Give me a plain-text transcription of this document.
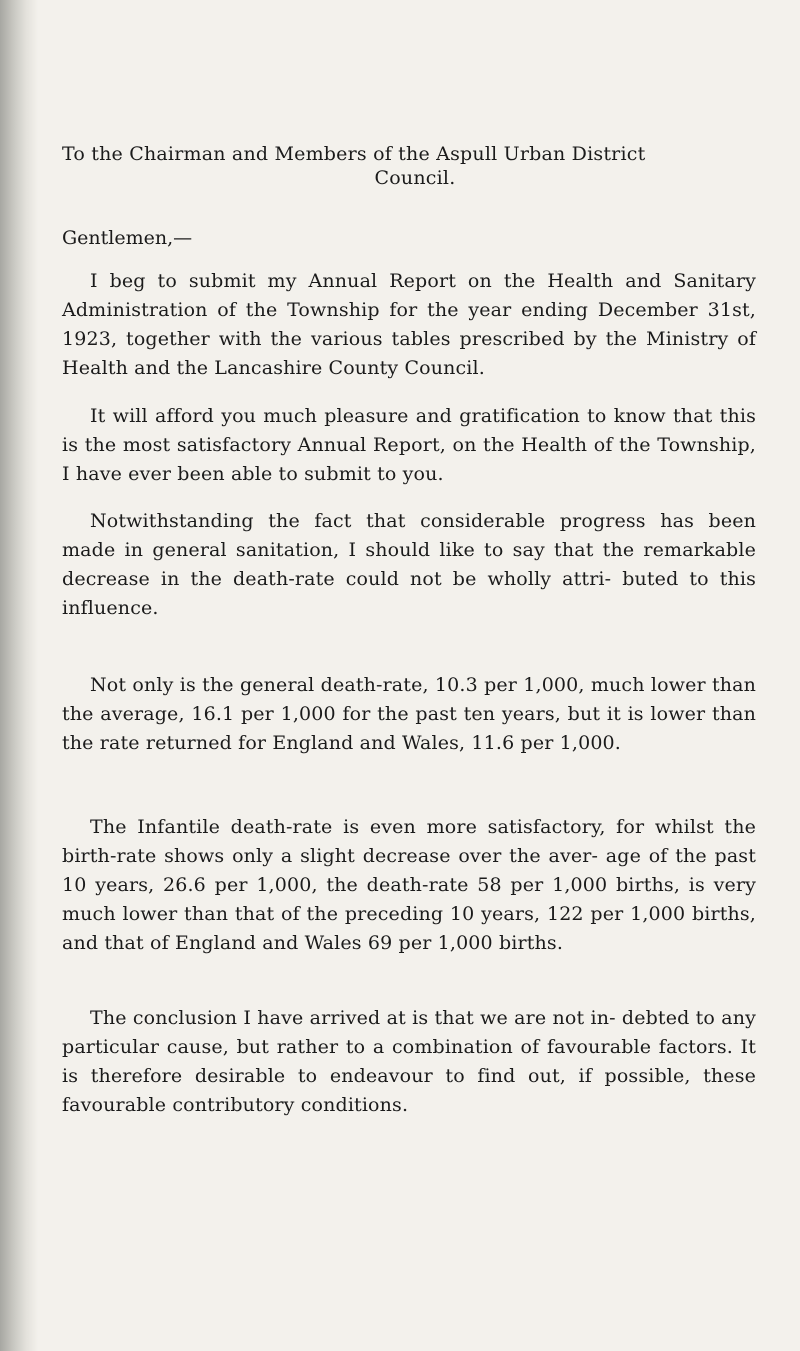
To the Chairman and Members of the Aspull Urban District
Council.

Gentlemen,—

I beg to submit my Annual Report on the Health and Sanitary Administration of the Township for the year ending December 31st, 1923, together with the various tables prescribed by the Ministry of Health and the Lancashire County Council.

It will afford you much pleasure and gratification to know that this is the most satisfactory Annual Report, on the Health of the Township, I have ever been able to submit to you.

Notwithstanding the fact that considerable progress has been made in general sanitation, I should like to say that the remarkable decrease in the death-rate could not be wholly attri- buted to this influence.

Not only is the general death-rate, 10.3 per 1,000, much lower than the average, 16.1 per 1,000 for the past ten years, but it is lower than the rate returned for England and Wales, 11.6 per 1,000.

The Infantile death-rate is even more satisfactory, for whilst the birth-rate shows only a slight decrease over the aver- age of the past 10 years, 26.6 per 1,000, the death-rate 58 per 1,000 births, is very much lower than that of the preceding 10 years, 122 per 1,000 births, and that of England and Wales 69 per 1,000 births.

The conclusion I have arrived at is that we are not in- debted to any particular cause, but rather to a combination of favourable factors. It is therefore desirable to endeavour to find out, if possible, these favourable contributory conditions.
